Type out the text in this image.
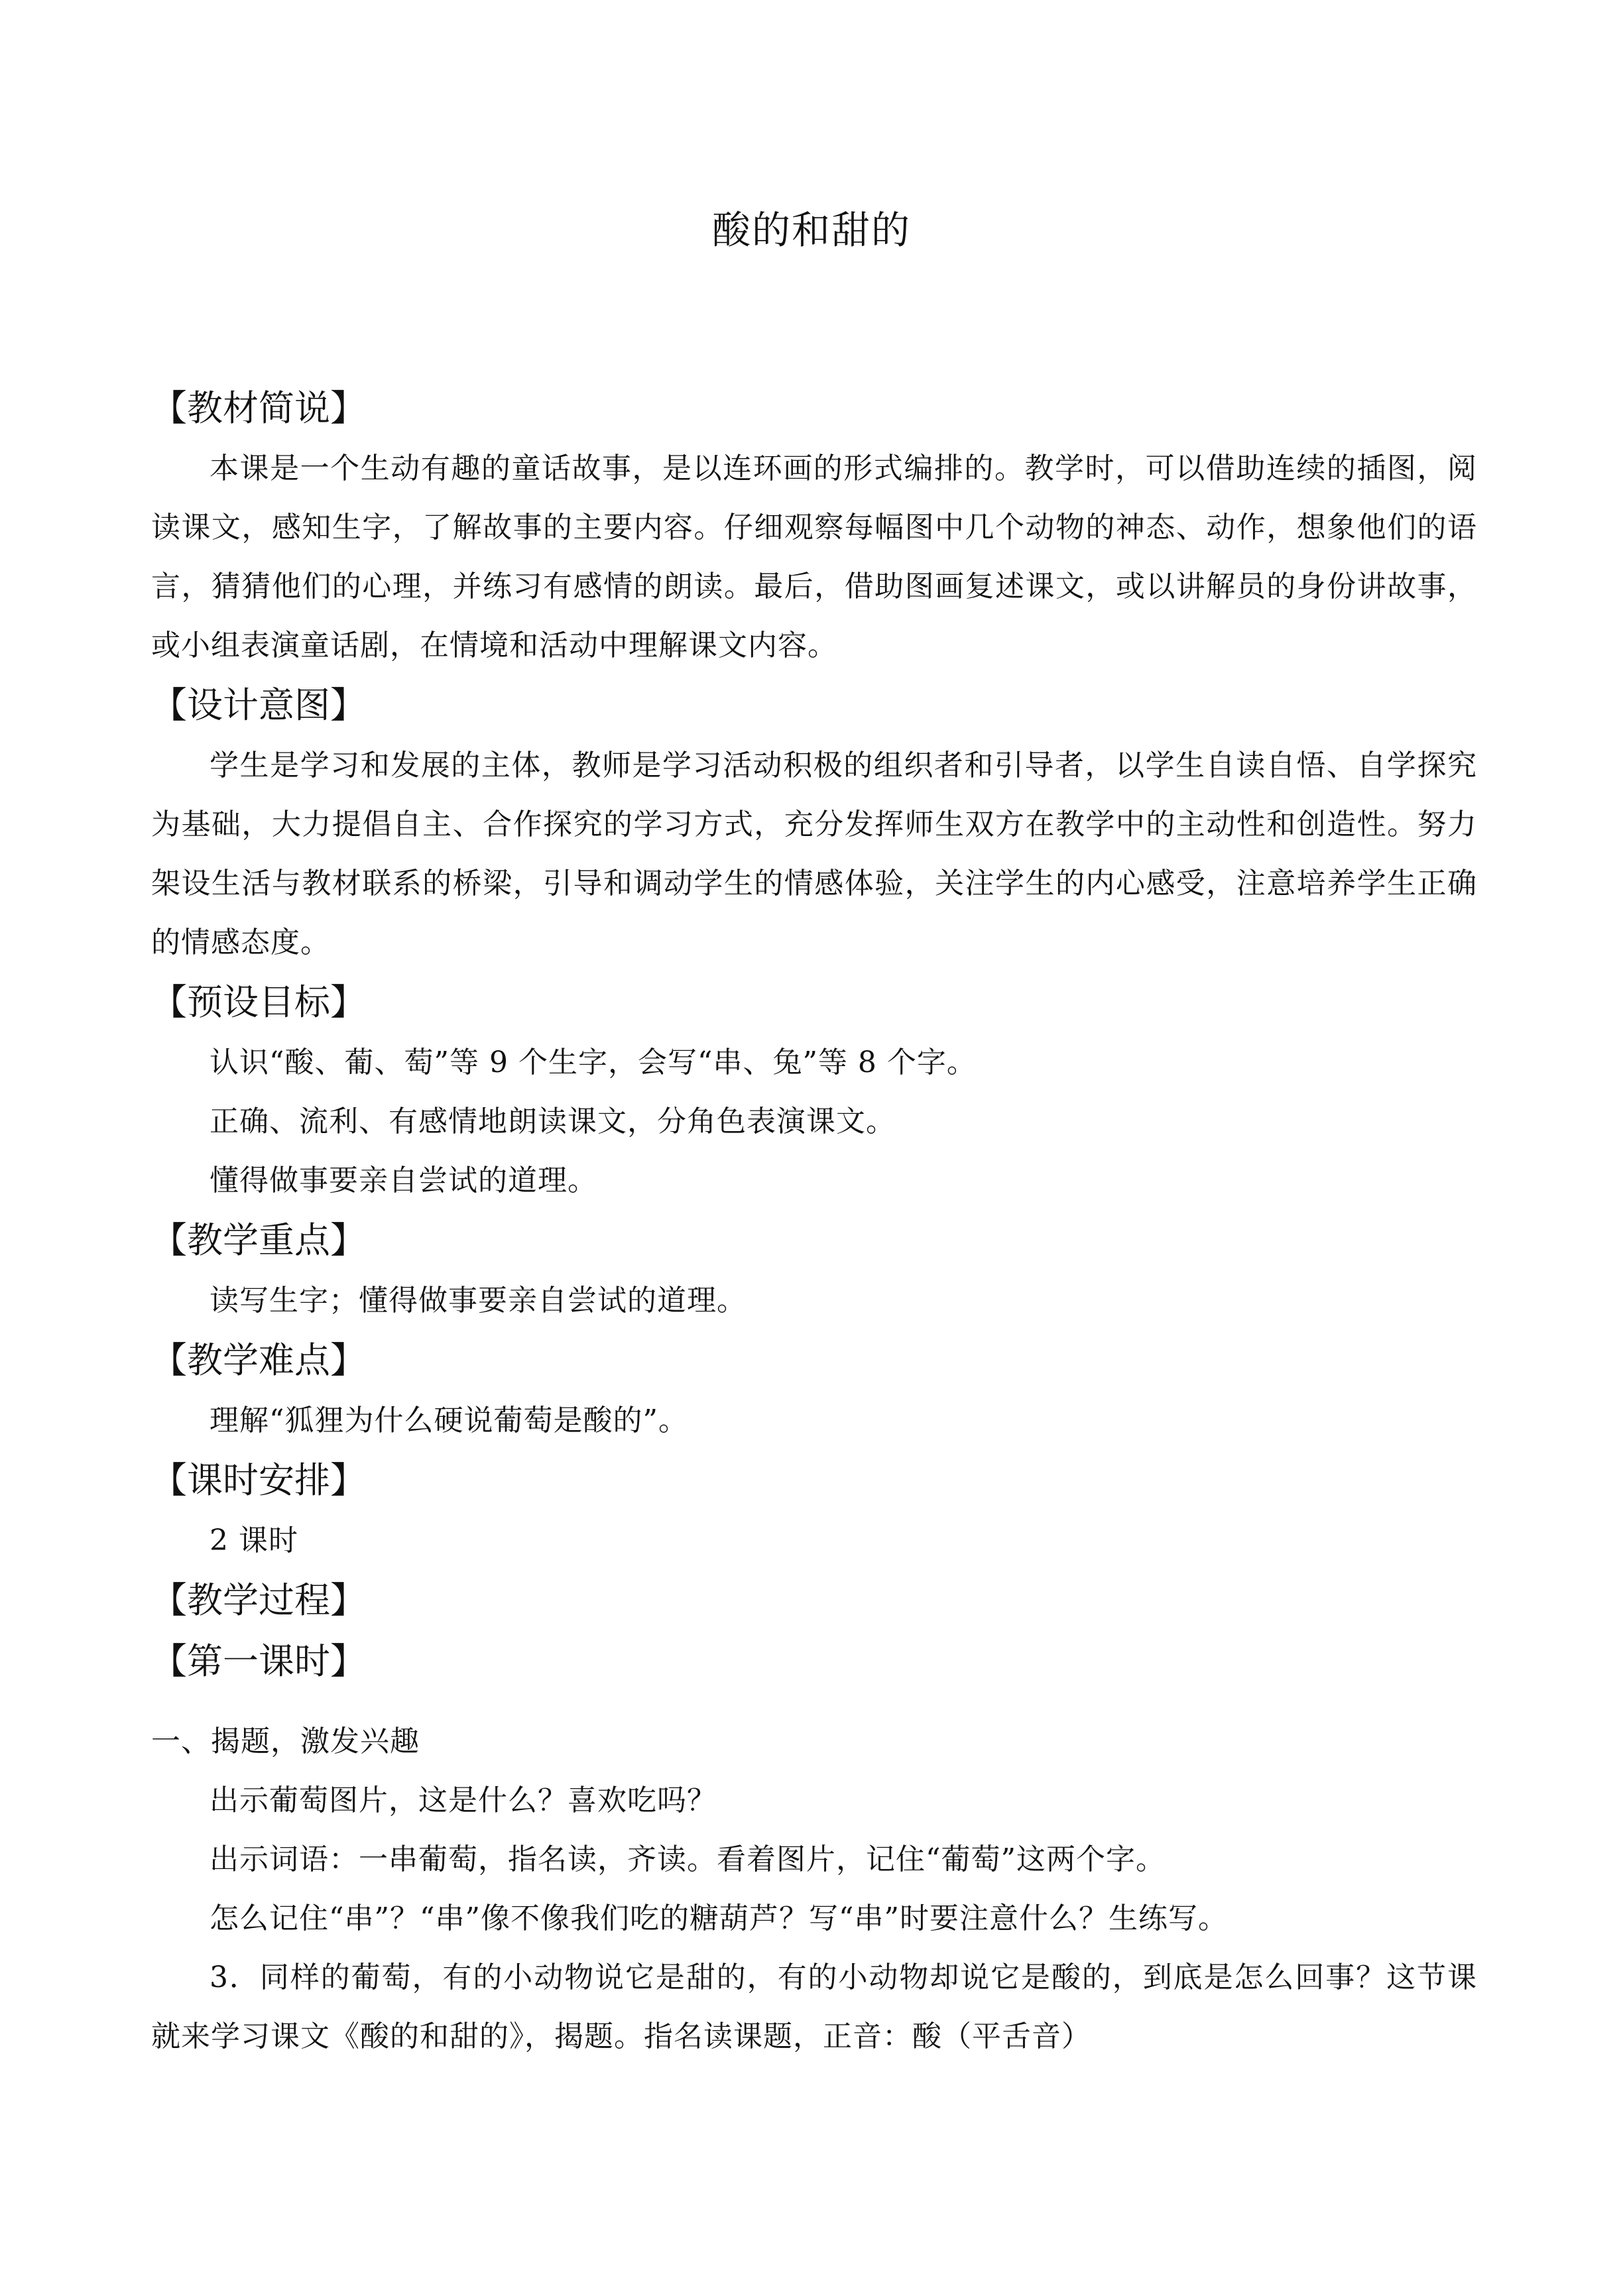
酸的和甜的
【教材简说】

本课是一个生动有趣的童话故事，是以连环画的形式编排的。教学时，可以借助连续的插图，阅读课文，感知生字，了解故事的主要内容。仔细观察每幅图中几个动物的神态、动作，想象他们的语言，猜猜他们的心理，并练习有感情的朗读。最后，借助图画复述课文，或以讲解员的身份讲故事，或小组表演童话剧，在情境和活动中理解课文内容。

【设计意图】

学生是学习和发展的主体，教师是学习活动积极的组织者和引导者，以学生自读自悟、自学探究为基础，大力提倡自主、合作探究的学习方式，充分发挥师生双方在教学中的主动性和创造性。努力架设生活与教材联系的桥梁，引导和调动学生的情感体验，关注学生的内心感受，注意培养学生正确的情感态度。

【预设目标】

认识“酸、葡、萄”等 9 个生字，会写“串、兔”等 8 个字。

正确、流利、有感情地朗读课文，分角色表演课文。

懂得做事要亲自尝试的道理。

【教学重点】

读写生字；懂得做事要亲自尝试的道理。

【教学难点】

理解“狐狸为什么硬说葡萄是酸的”。

【课时安排】

2 课时

【教学过程】
【第一课时】

一、揭题，激发兴趣

出示葡萄图片，这是什么？喜欢吃吗？

出示词语：一串葡萄，指名读，齐读。看着图片，记住“葡萄”这两个字。

怎么记住“串”？“串”像不像我们吃的糖葫芦？写“串”时要注意什么？生练写。

3．同样的葡萄，有的小动物说它是甜的，有的小动物却说它是酸的，到底是怎么回事？这节课就来学习课文《酸的和甜的》，揭题。指名读课题，正音：酸（平舌音）
